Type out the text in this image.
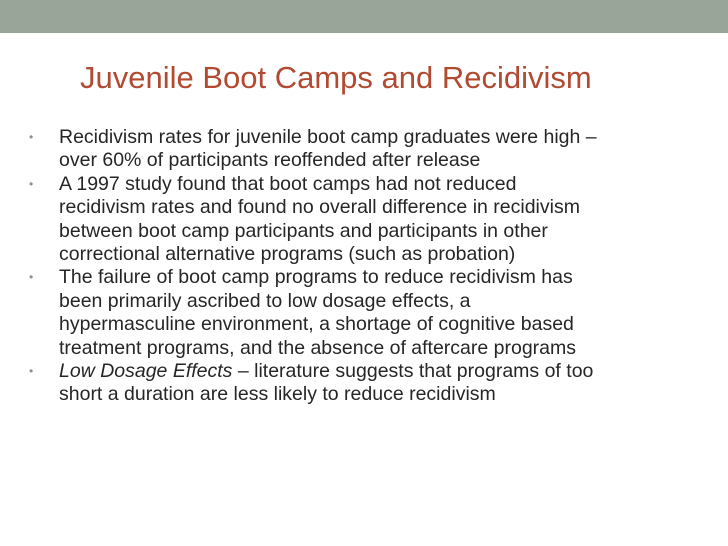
Juvenile Boot Camps and Recidivism
•	Recidivism rates for juvenile boot camp graduates were high –
over 60% of participants reoffended after release
•	A 1997 study found that boot camps had not reduced
recidivism rates and found no overall difference in recidivism
between boot camp participants and participants in other
correctional alternative programs (such as probation)
•	The failure of boot camp programs to reduce recidivism has
been primarily ascribed to low dosage effects, a
hypermasculine environment, a shortage of cognitive based
treatment programs, and the absence of aftercare programs
•	Low Dosage Effects – literature suggests that programs of too
short a duration are less likely to reduce recidivism
